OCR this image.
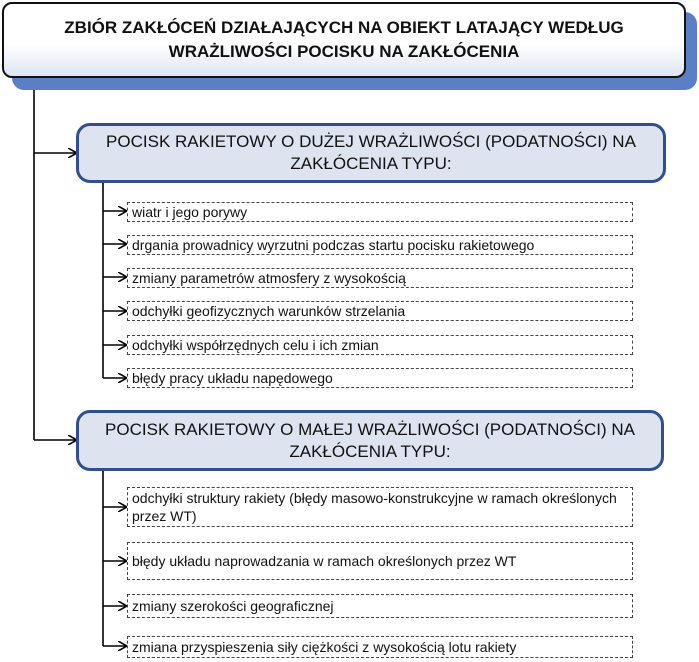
ZBIÓR ZAKŁÓCEŃ DZIAŁAJĄCYCH NA OBIEKT LATAJĄCY WEDŁUG WRAŻLIWOŚCI POCISKU NA ZAKŁÓCENIA
POCISK RAKIETOWY O DUŻEJ WRAŻLIWOŚCI (PODATNOŚCI) NA ZAKŁÓCENIA TYPU:
wiatr i jego porywy
drgania prowadnicy wyrzutni podczas startu pocisku rakietowego
zmiany parametrów atmosfery z wysokością
odchyłki geofizycznych warunków strzelania
odchyłki współrzędnych celu i ich zmian
błędy pracy układu napędowego
POCISK RAKIETOWY O MAŁEJ WRAŻLIWOŚCI (PODATNOŚCI) NA ZAKŁÓCENIA TYPU:
odchyłki struktury rakiety (błędy masowo-konstrukcyjne w ramach określonych przez WT)
błędy układu naprowadzania w ramach określonych przez WT
zmiany szerokości geograficznej
zmiana przyspieszenia siły ciężkości z wysokością lotu rakiety
